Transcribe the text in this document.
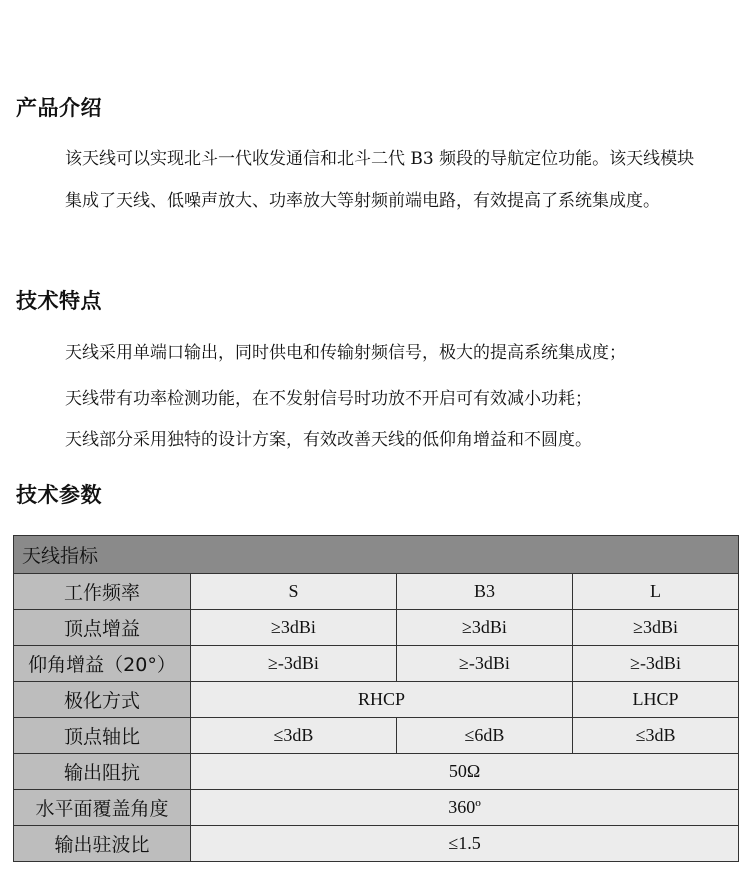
产品介绍

该天线可以实现北斗一代收发通信和北斗二代 B3 频段的导航定位功能。该天线模块集成了天线、低噪声放大、功率放大等射频前端电路，有效提高了系统集成度。

技术特点

天线采用单端口输出，同时供电和传输射频信号，极大的提高系统集成度；

天线带有功率检测功能，在不发射信号时功放不开启可有效减小功耗；

天线部分采用独特的设计方案，有效改善天线的低仰角增益和不圆度。

技术参数
天线指标			
工作频率	S	B3	L
顶点增益	≥3dBi	≥3dBi	≥3dBi
仰角增益（20°）	≥-3dBi	≥-3dBi	≥-3dBi
极化方式	RHCP		LHCP
顶点轴比	≤3dB	≤6dB	≤3dB
输出阻抗	50Ω		
水平面覆盖角度	360º		
输出驻波比	≤1.5		
